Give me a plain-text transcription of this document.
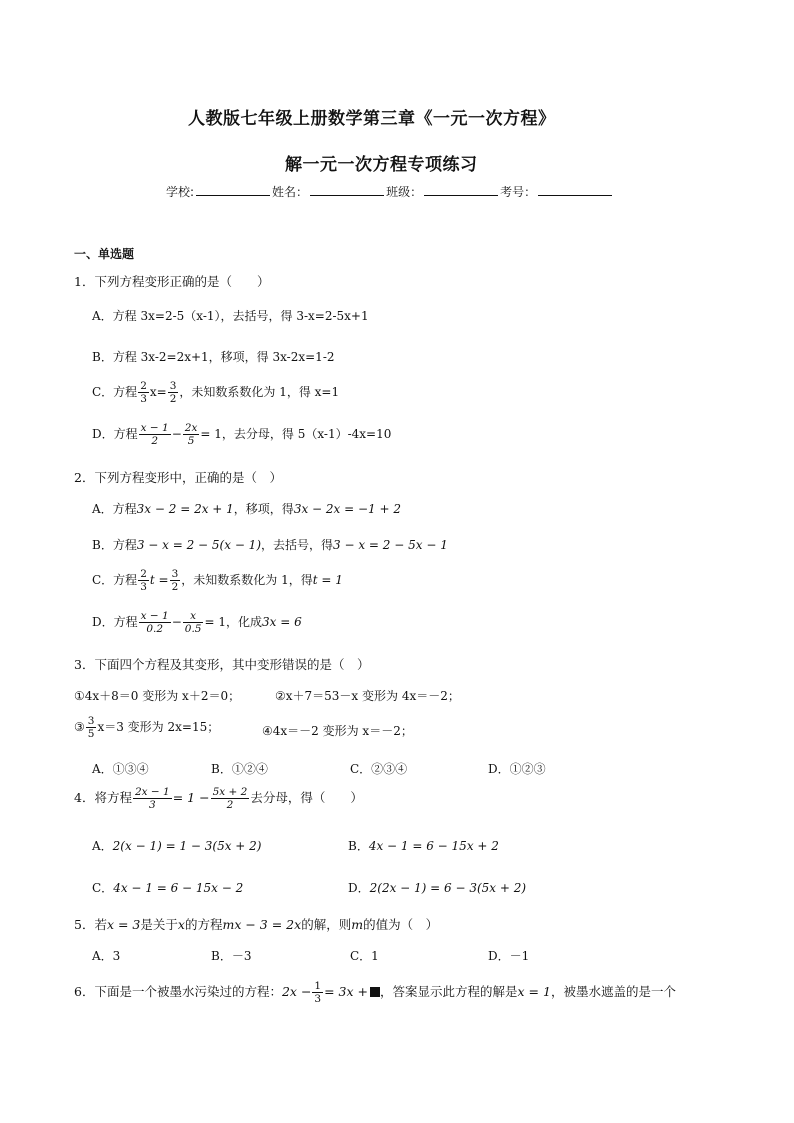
人教版七年级上册数学第三章《一元一次方程》
解一元一次方程专项练习
学校:	姓名：	班级：	考号：
一、单选题
1．下列方程变形正确的是（　　）
A．方程 3x=2-5（x-1），去括号，得 3-x=2-5x+1
B．方程 3x-2=2x+1，移项，得 3x-2x=1-2
C．方程 $\frac{2}{3} x= \frac{3}{2}$ ，未知数系数化为 1，得 x=1
D．方程 $\frac{x - 1}{2} - \frac{2x}{5} = 1$，去分母，得 5（x-1）-4x=10
2．下列方程变形中，正确的是（　）
A．方程3x − 2 = 2x + 1，移项，得3x − 2x = −1 + 2
B．方程3 − x = 2 − 5(x − 1)，去括号，得3 − x = 2 − 5x − 1
C．方程 $\frac{2}{3}$ $t = \frac{3}{2}$ ，未知数系数化为 1，得t = 1
D．方程 $\frac{x - 1}{0.2} - \frac{x}{0.5} = 1$，化成3x = 6
3．下面四个方程及其变形，其中变形错误的是（　）
①4x＋8＝0 变形为 x＋2＝0；	②x＋7＝53－x 变形为 4x＝－2；
③ $\frac{3}{5} x=3$ 变形为 2x=15；	④4x＝－2 变形为 x＝－2；
A．①③④	B．①②④	C．②③④	D．①②③
4．将方程 $\frac{2x - 1}{3} = 1 - \frac{5x + 2}{2}$ 去分母，得（　　）
A．2(x − 1) = 1 − 3(5x + 2)	B．4x − 1 = 6 − 15x + 2
C．4x − 1 = 6 − 15x − 2	D．2(2x − 1) = 6 − 3(5x + 2)
5．若x = 3是关于x的方程mx − 3 = 2x的解，则m的值为（　）
A．3	B．－3	C．1	D．－1
6．下面是一个被墨水污染过的方程：$2x - \frac{1}{3} = 3x$ + ，答案显示此方程的解是x = 1，被墨水遮盖的是一个
